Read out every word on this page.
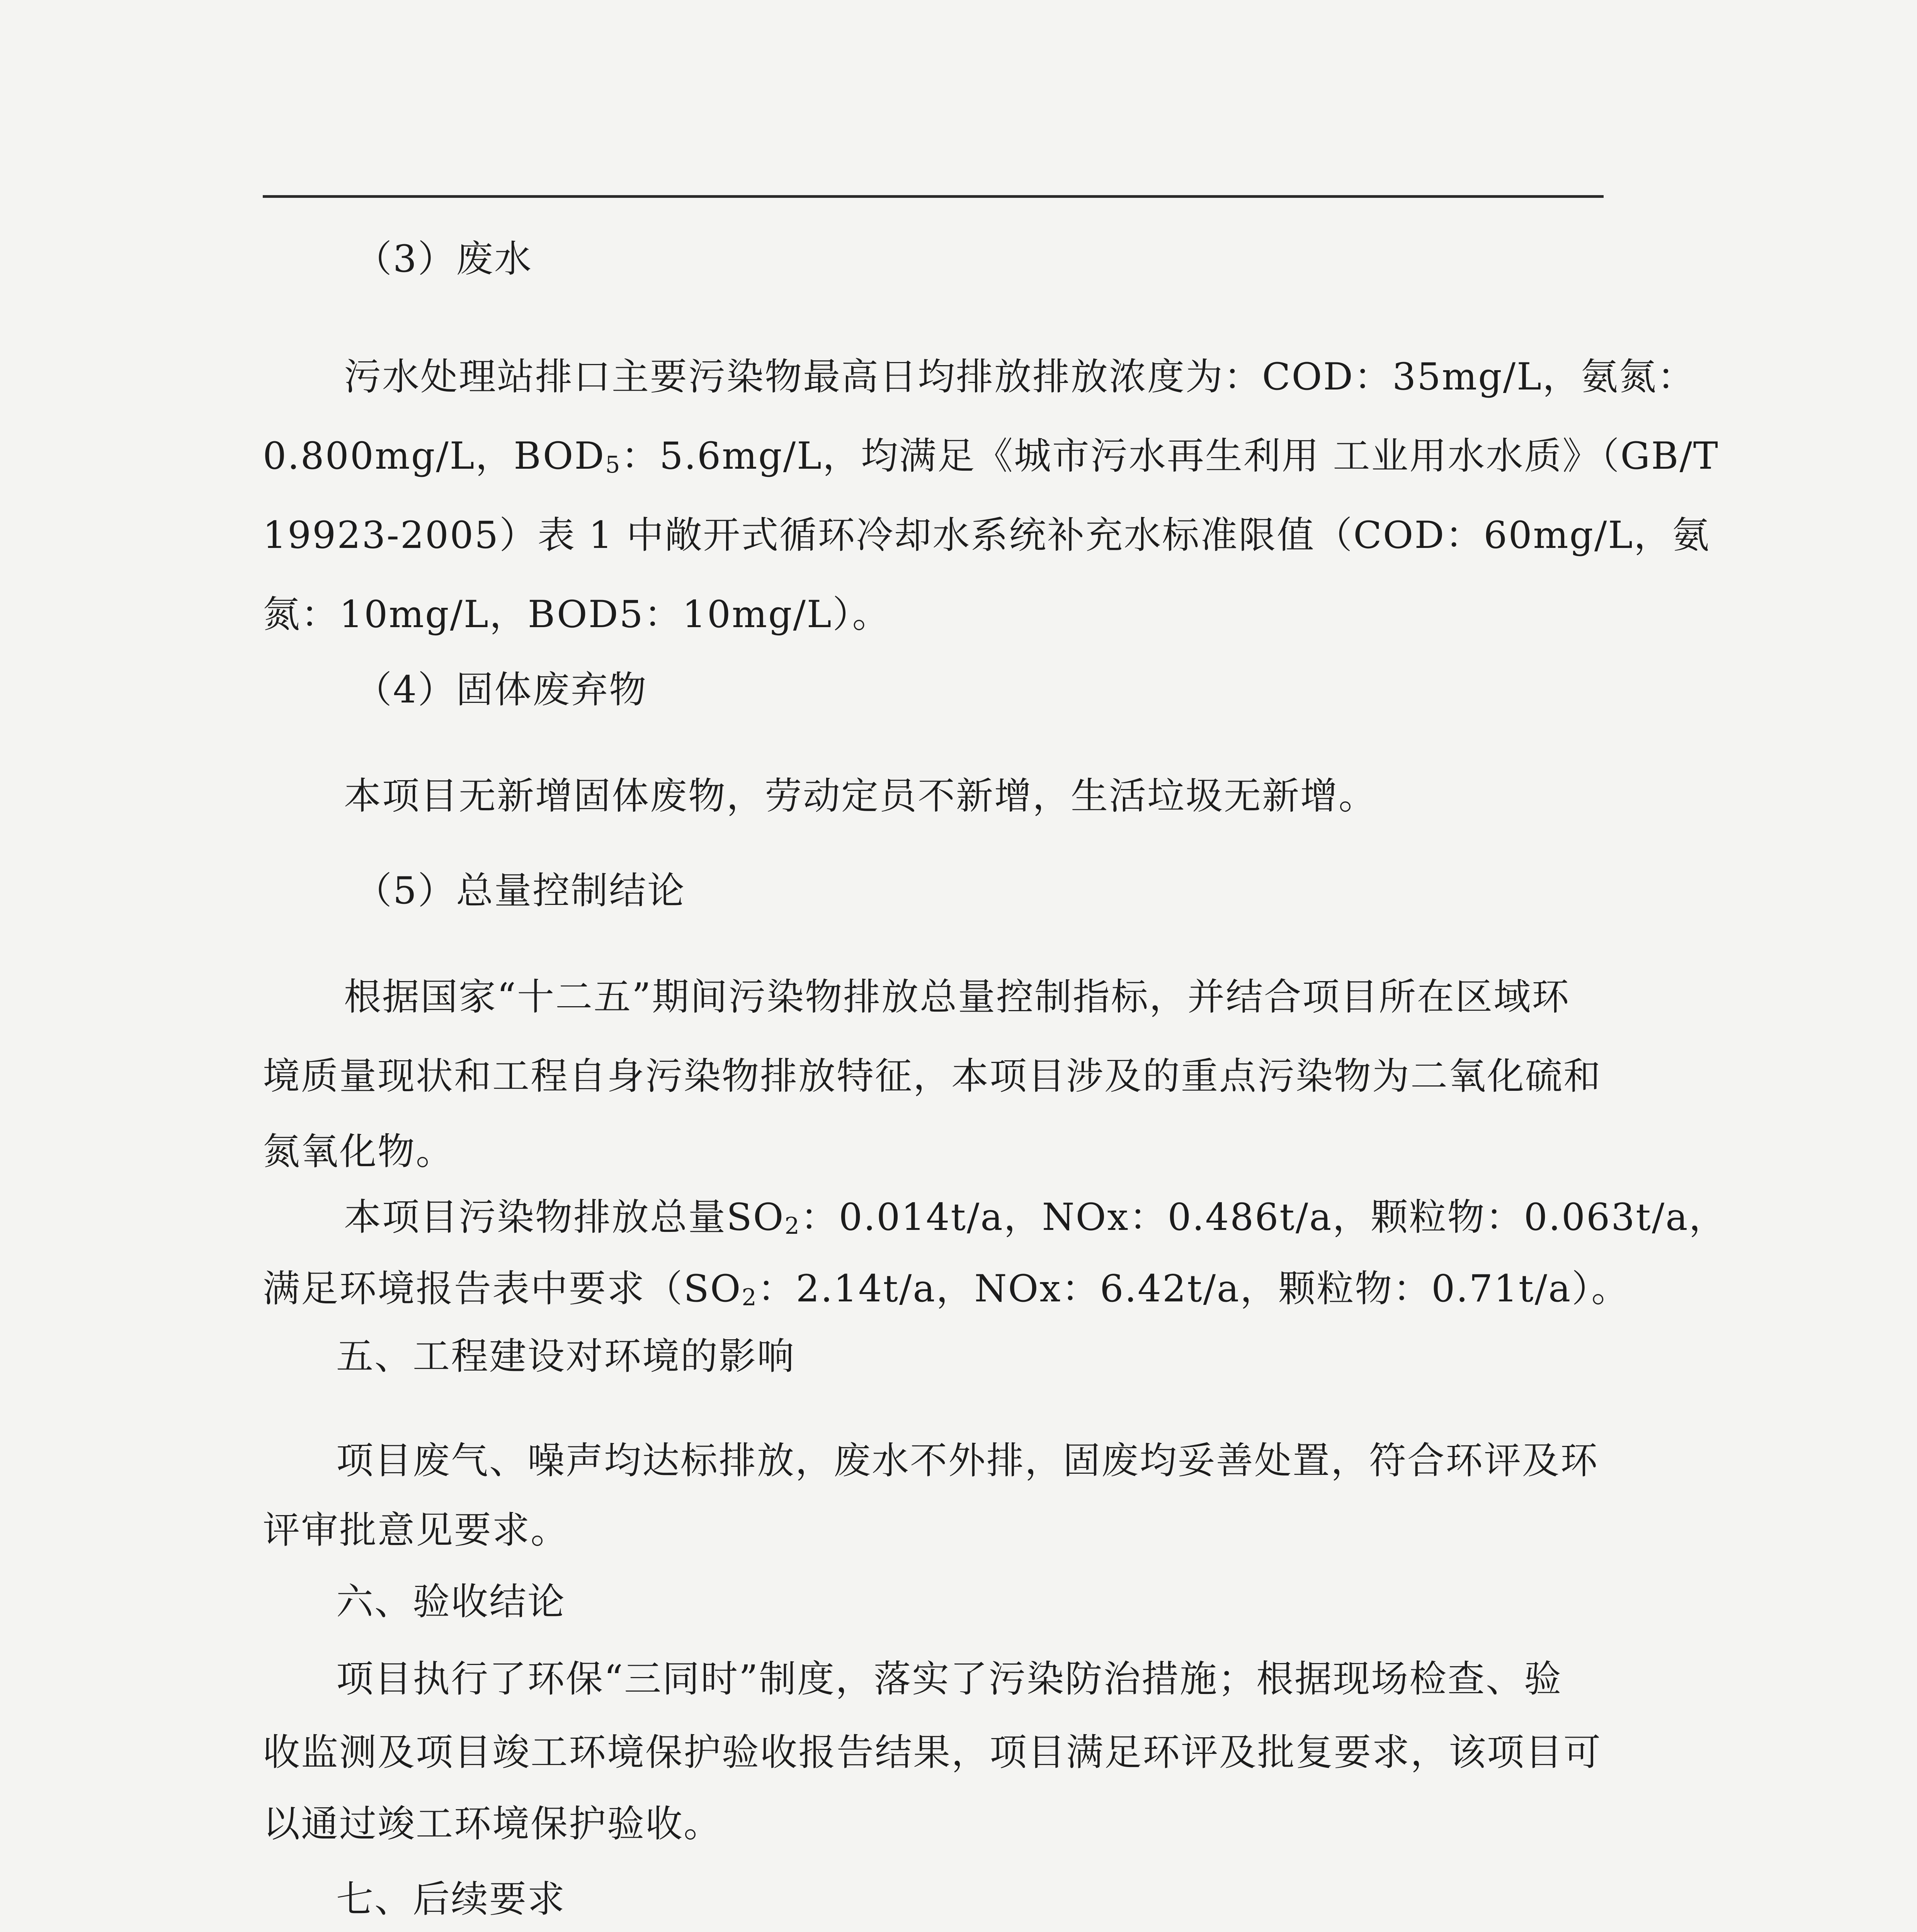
（3）废水
污水处理站排口主要污染物最高日均排放排放浓度为：COD：35mg/L，氨氮：
0.800mg/L，BOD5：5.6mg/L，均满足《城市污水再生利用 工业用水水质》（GB/T
19923-2005）表 1 中敞开式循环冷却水系统补充水标准限值（COD：60mg/L，氨
氮：10mg/L，BOD5：10mg/L）。
（4）固体废弃物
本项目无新增固体废物，劳动定员不新增，生活垃圾无新增。
（5）总量控制结论
根据国家“十二五”期间污染物排放总量控制指标，并结合项目所在区域环
境质量现状和工程自身污染物排放特征，本项目涉及的重点污染物为二氧化硫和
氮氧化物。
本项目污染物排放总量SO2：0.014t/a，NOx：0.486t/a，颗粒物：0.063t/a，
满足环境报告表中要求（SO2：2.14t/a，NOx：6.42t/a，颗粒物：0.71t/a）。
五、工程建设对环境的影响
项目废气、噪声均达标排放，废水不外排，固废均妥善处置，符合环评及环
评审批意见要求。
六、验收结论
项目执行了环保“三同时”制度，落实了污染防治措施；根据现场检查、验
收监测及项目竣工环境保护验收报告结果，项目满足环评及批复要求，该项目可
以通过竣工环境保护验收。
七、后续要求
